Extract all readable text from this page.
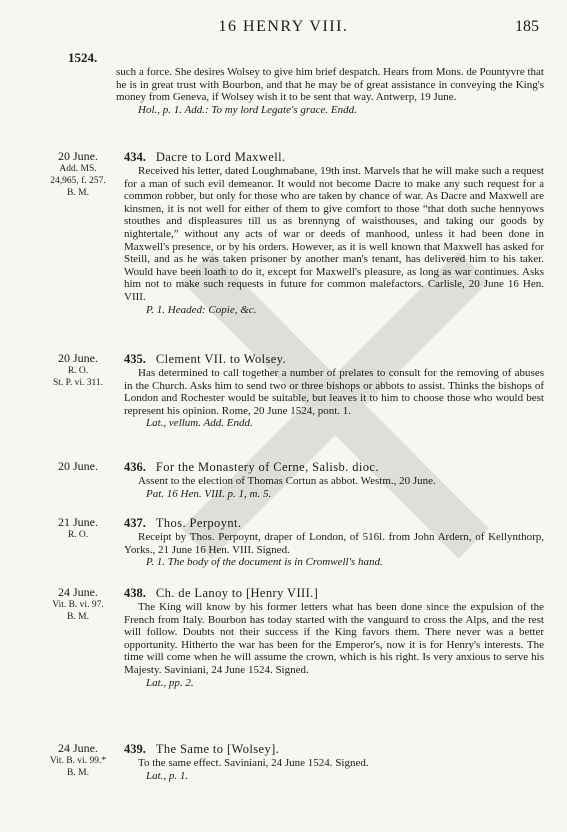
16 HENRY VIII.	185
1524.

such a force. She desires Wolsey to give him brief despatch. Hears from Mons. de Pountyvre that he is in great trust with Bourbon, and that he may be of great assistance in conveying the King's money from Geneva, if Wolsey wish it to be sent that way. Antwerp, 19 June.

Hol., p. 1. Add.: To my lord Legate's grace. Endd.
20 June.
Add. MS.
24,965, f. 257.
B. M.
434. Dacre to Lord Maxwell.

Received his letter, dated Loughmabane, 19th inst. Marvels that he will make such a request for a man of such evil demeanor. It would not become Dacre to make any such request for a common robber, but only for those who are taken by chance of war. As Dacre and Maxwell are kinsmen, it is not well for either of them to give comfort to those “that doth suche hennyows stouthes and displeasures till us as brennyng of waisthouses, and taking our goods by nightertale,” without any acts of war or deeds of manhood, unless it had been done in Maxwell's presence, or by his orders. However, as it is well known that Maxwell has asked for Steill, and as he was taken prisoner by another man's tenant, has delivered him to his taker. Would have been loath to do it, except for Maxwell's pleasure, as long as war continues. Asks him not to make such requests in future for common malefactors. Carlisle, 20 June 16 Hen. VIII.

P. 1. Headed: Copie, &c.
20 June.
R. O.
St. P. vi. 311.
435. Clement VII. to Wolsey.

Has determined to call together a number of prelates to consult for the removing of abuses in the Church. Asks him to send two or three bishops or abbots to assist. Thinks the bishops of London and Rochester would be suitable, but leaves it to him to choose those who would best represent his opinion. Rome, 20 June 1524, pont. 1.

Lat., vellum. Add. Endd.
20 June.	436. For the Monastery of Cerne, Salisb. dioc.

Assent to the election of Thomas Cortun as abbot. Westm., 20 June.

Pat. 16 Hen. VIII. p. 1, m. 5.
21 June.
R. O.
437. Thos. Perpoynt.

Receipt by Thos. Perpoynt, draper of London, of 516l. from John Ardern, of Kellynthorp, Yorks., 21 June 16 Hen. VIII. Signed.

P. 1. The body of the document is in Cromwell's hand.
24 June.
Vit. B. vi. 97.
B. M.
438. Ch. de Lanoy to [Henry VIII.]

The King will know by his former letters what has been done since the expulsion of the French from Italy. Bourbon has today started with the vanguard to cross the Alps, and the rest will follow. Doubts not their success if the King favors them. There never was a better opportunity. Hitherto the war has been for the Emperor's, now it is for Henry's interests. The time will come when he will assume the crown, which is his right. Is very anxious to serve his Majesty. Saviniani, 24 June 1524. Signed.

Lat., pp. 2.
24 June.
Vit. B. vi. 99.*
B. M.
439. The Same to [Wolsey].

To the same effect. Saviniani, 24 June 1524. Signed.

Lat., p. 1.
